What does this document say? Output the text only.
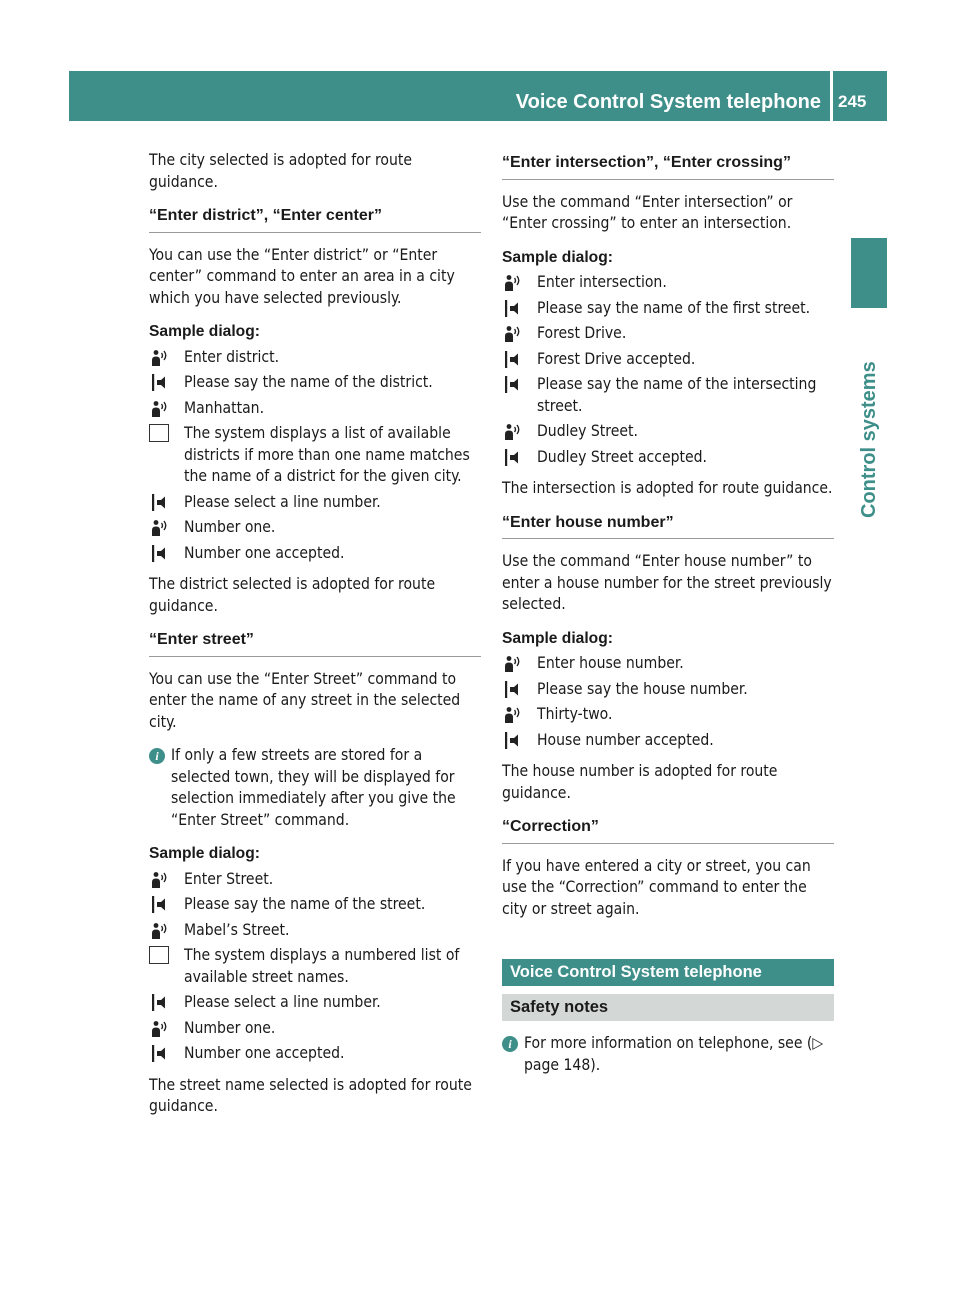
Voice Control System telephone 245
Control systems

The city selected is adopted for route guidance.

“Enter district”, “Enter center”

You can use the “Enter district” or “Enter center” command to enter an area in a city which you have selected previously.

Sample dialog:
Enter district.
Please say the name of the district.
Manhattan.
The system displays a list of available districts if more than one name matches the name of a district for the given city.
Please select a line number.
Number one.
Number one accepted.

The district selected is adopted for route guidance.

“Enter street”

You can use the “Enter Street” command to enter the name of any street in the selected city.

i If only a few streets are stored for a selected town, they will be displayed for selection immediately after you give the “Enter Street” command.
Sample dialog:
Enter Street.
Please say the name of the street.
Mabel’s Street.
The system displays a numbered list of available street names.
Please select a line number.
Number one.
Number one accepted.

The street name selected is adopted for route guidance.

“Enter intersection”, “Enter crossing”

Use the command “Enter intersection” or “Enter crossing” to enter an intersection.

Sample dialog:
Enter intersection.
Please say the name of the first street.
Forest Drive.
Forest Drive accepted.
Please say the name of the intersecting street.
Dudley Street.
Dudley Street accepted.

The intersection is adopted for route guidance.

“Enter house number”

Use the command “Enter house number” to enter a house number for the street previously selected.

Sample dialog:
Enter house number.
Please say the house number.
Thirty-two.
House number accepted.

The house number is adopted for route guidance.

“Correction”

If you have entered a city or street, you can use the “Correction” command to enter the city or street again.

Voice Control System telephone
Safety notes
i For more information on telephone, see (▷ page 148).
